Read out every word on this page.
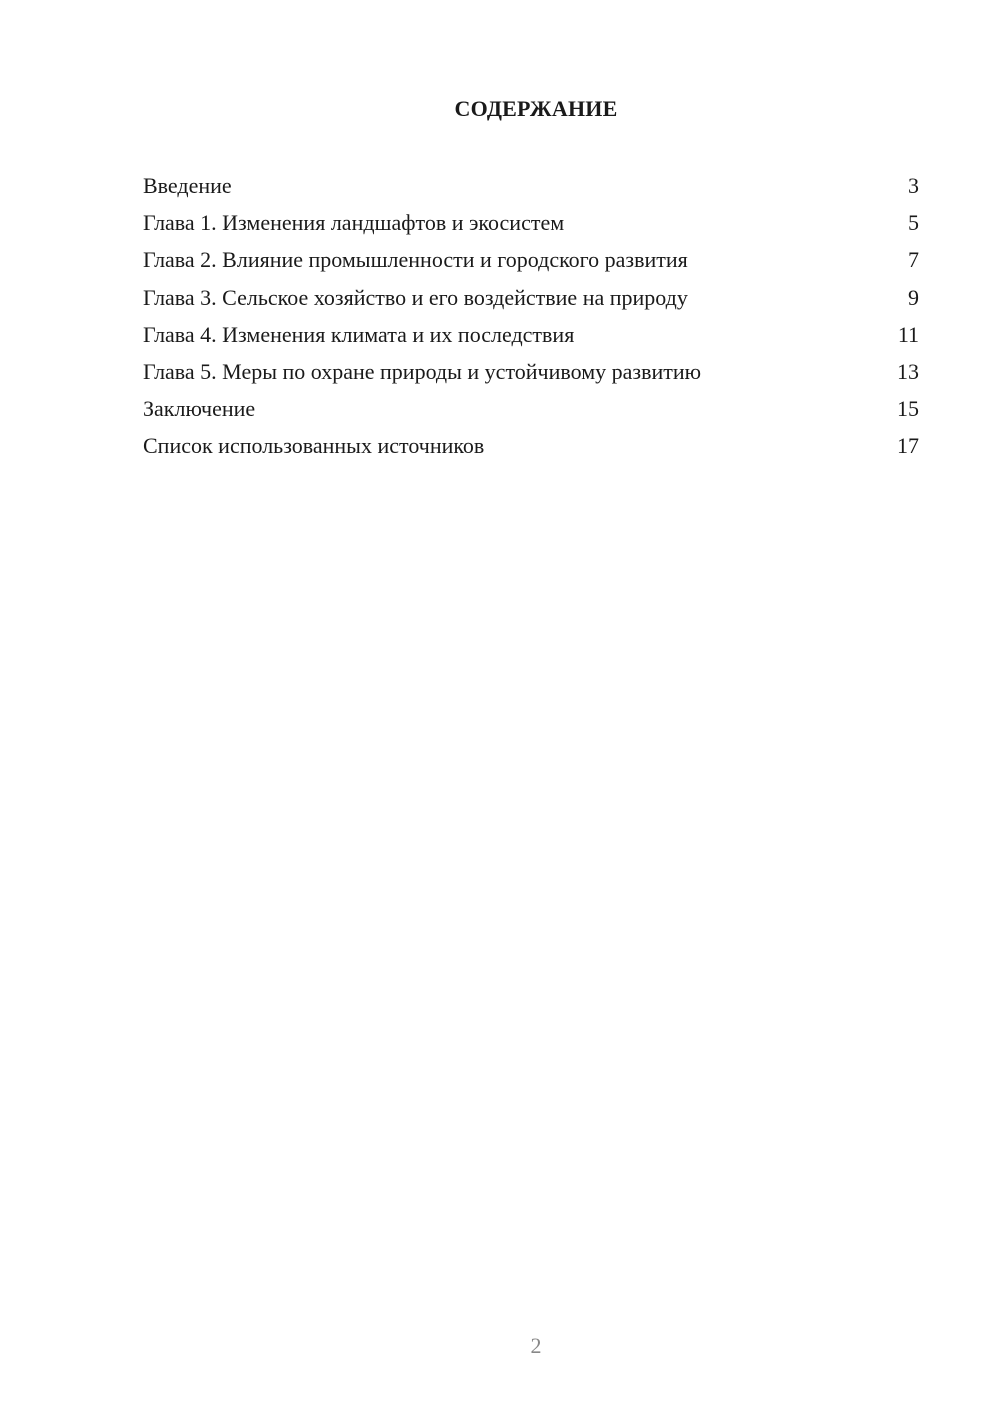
СОДЕРЖАНИЕ
Введение	3
Глава 1. Изменения ландшафтов и экосистем	5
Глава 2. Влияние промышленности и городского развития	7
Глава 3. Сельское хозяйство и его воздействие на природу	9
Глава 4. Изменения климата и их последствия	11
Глава 5. Меры по охране природы и устойчивому развитию	13
Заключение	15
Список использованных источников	17
2
